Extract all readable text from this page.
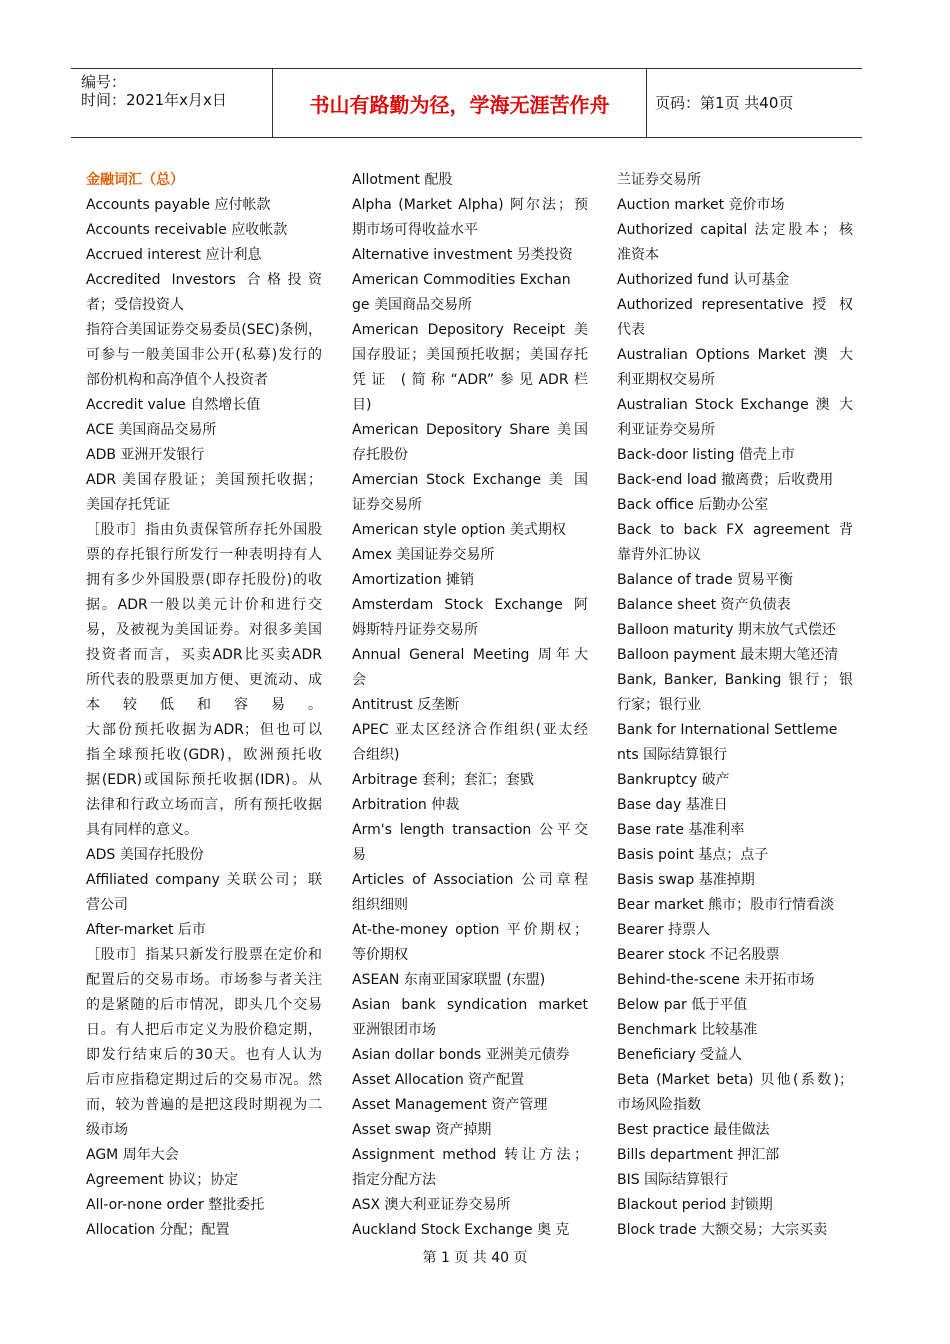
编号：
时间：2021年x月x日	书山有路勤为径，学海无涯苦作舟	页码：第1页 共40页
金融词汇（总）
Accounts payable 应付帐款
Accounts receivable 应收帐款
Accrued interest 应计利息
Accredited Investors 合格投资
者；受信投资人
指符合美国证券交易委员(SEC)条例，
可参与一般美国非公开(私募)发行的
部份机构和高净值个人投资者
Accredit value 自然增长值
ACE 美国商品交易所
ADB 亚洲开发银行
ADR 美国存股证；美国预托收据；
美国存托凭证
［股市］指由负责保管所存托外国股
票的存托银行所发行一种表明持有人
拥有多少外国股票(即存托股份)的收
据。ADR一般以美元计价和进行交
易，及被视为美国证券。对很多美国
投资者而言，买卖ADR比买卖ADR
所代表的股票更加方便、更流动、成
本较低和容易。
大部份预托收据为ADR；但也可以
指全球预托收(GDR)，欧洲预托收
据(EDR)或国际预托收据(IDR)。从
法律和行政立场而言，所有预托收据
具有同样的意义。
ADS 美国存托股份
Affiliated company 关联公司；联
营公司
After-market 后市
［股市］指某只新发行股票在定价和
配置后的交易市场。市场参与者关注
的是紧随的后市情况，即头几个交易
日。有人把后市定义为股价稳定期，
即发行结束后的30天。也有人认为
后市应指稳定期过后的交易市况。然
而，较为普遍的是把这段时期视为二
级市场
AGM 周年大会
Agreement 协议；协定
All-or-none order 整批委托
Allocation 分配；配置
Allotment 配股
Alpha (Market Alpha) 阿尔法；预
期市场可得收益水平
Alternative investment 另类投资
American Commodities Exchan
ge 美国商品交易所
American Depository Receipt 美
国存股证；美国预托收据；美国存托
凭证 (简称“ADR”参见ADR栏
目)
American Depository Share 美国
存托股份
Amercian Stock Exchange 美 国
证券交易所
American style option 美式期权
Amex 美国证券交易所
Amortization 摊销
Amsterdam Stock Exchange 阿
姆斯特丹证券交易所
Annual General Meeting 周年大
会
Antitrust 反垄断
APEC 亚太区经济合作组织(亚太经
合组织)
Arbitrage 套利；套汇；套戥
Arbitration 仲裁
Arm's length transaction 公平交
易
Articles of Association 公司章程
组织细则
At-the-money option 平价期权；
等价期权
ASEAN 东南亚国家联盟 (东盟)
Asian bank syndication market
亚洲银团市场
Asian dollar bonds 亚洲美元债券
Asset Allocation 资产配置
Asset Management 资产管理
Asset swap 资产掉期
Assignment method 转让方法；
指定分配方法
ASX 澳大利亚证券交易所
Auckland Stock Exchange 奥 克
兰证券交易所
Auction market 竞价市场
Authorized capital 法定股本；核
准资本
Authorized fund 认可基金
Authorized representative 授 权
代表
Australian Options Market 澳 大
利亚期权交易所
Australian Stock Exchange 澳 大
利亚证券交易所
Back-door listing 借壳上市
Back-end load 撤离费；后收费用
Back office 后勤办公室
Back to back FX agreement 背
靠背外汇协议
Balance of trade 贸易平衡
Balance sheet 资产负债表
Balloon maturity 期末放气式偿还
Balloon payment 最末期大笔还清
Bank, Banker, Banking 银行；银
行家；银行业
Bank for International Settleme
nts 国际结算银行
Bankruptcy 破产
Base day 基准日
Base rate 基准利率
Basis point 基点；点子
Basis swap 基准掉期
Bear market 熊市；股市行情看淡
Bearer 持票人
Bearer stock 不记名股票
Behind-the-scene 未开拓市场
Below par 低于平值
Benchmark 比较基准
Beneficiary 受益人
Beta (Market beta) 贝他(系数)；
市场风险指数
Best practice 最佳做法
Bills department 押汇部
BIS 国际结算银行
Blackout period 封锁期
Block trade 大额交易；大宗买卖
第 1 页 共 40 页
